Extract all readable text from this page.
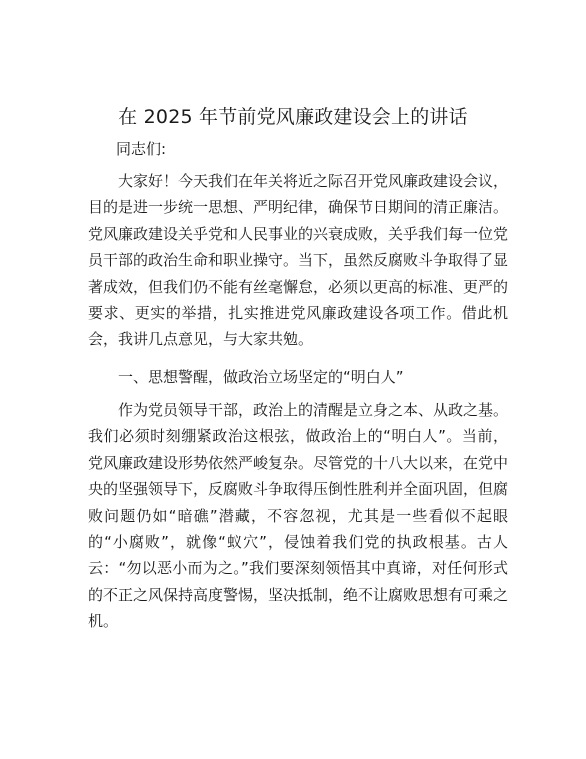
在 2025 年节前党风廉政建设会上的讲话
同志们:

大家好！今天我们在年关将近之际召开党风廉政建设会议，目的是进一步统一思想、严明纪律，确保节日期间的清正廉洁。党风廉政建设关乎党和人民事业的兴衰成败，关乎我们每一位党员干部的政治生命和职业操守。当下，虽然反腐败斗争取得了显著成效，但我们仍不能有丝毫懈怠，必须以更高的标准、更严的要求、更实的举措，扎实推进党风廉政建设各项工作。借此机会，我讲几点意见，与大家共勉。

一、思想警醒，做政治立场坚定的“明白人”

作为党员领导干部，政治上的清醒是立身之本、从政之基。我们必须时刻绷紧政治这根弦，做政治上的“明白人”。当前，党风廉政建设形势依然严峻复杂。尽管党的十八大以来，在党中央的坚强领导下，反腐败斗争取得压倒性胜利并全面巩固，但腐败问题仍如“暗礁”潜藏，不容忽视，尤其是一些看似不起眼的“小腐败”，就像“蚁穴”，侵蚀着我们党的执政根基。古人云：“勿以恶小而为之。”我们要深刻领悟其中真谛，对任何形式的不正之风保持高度警惕，坚决抵制，绝不让腐败思想有可乘之机。
